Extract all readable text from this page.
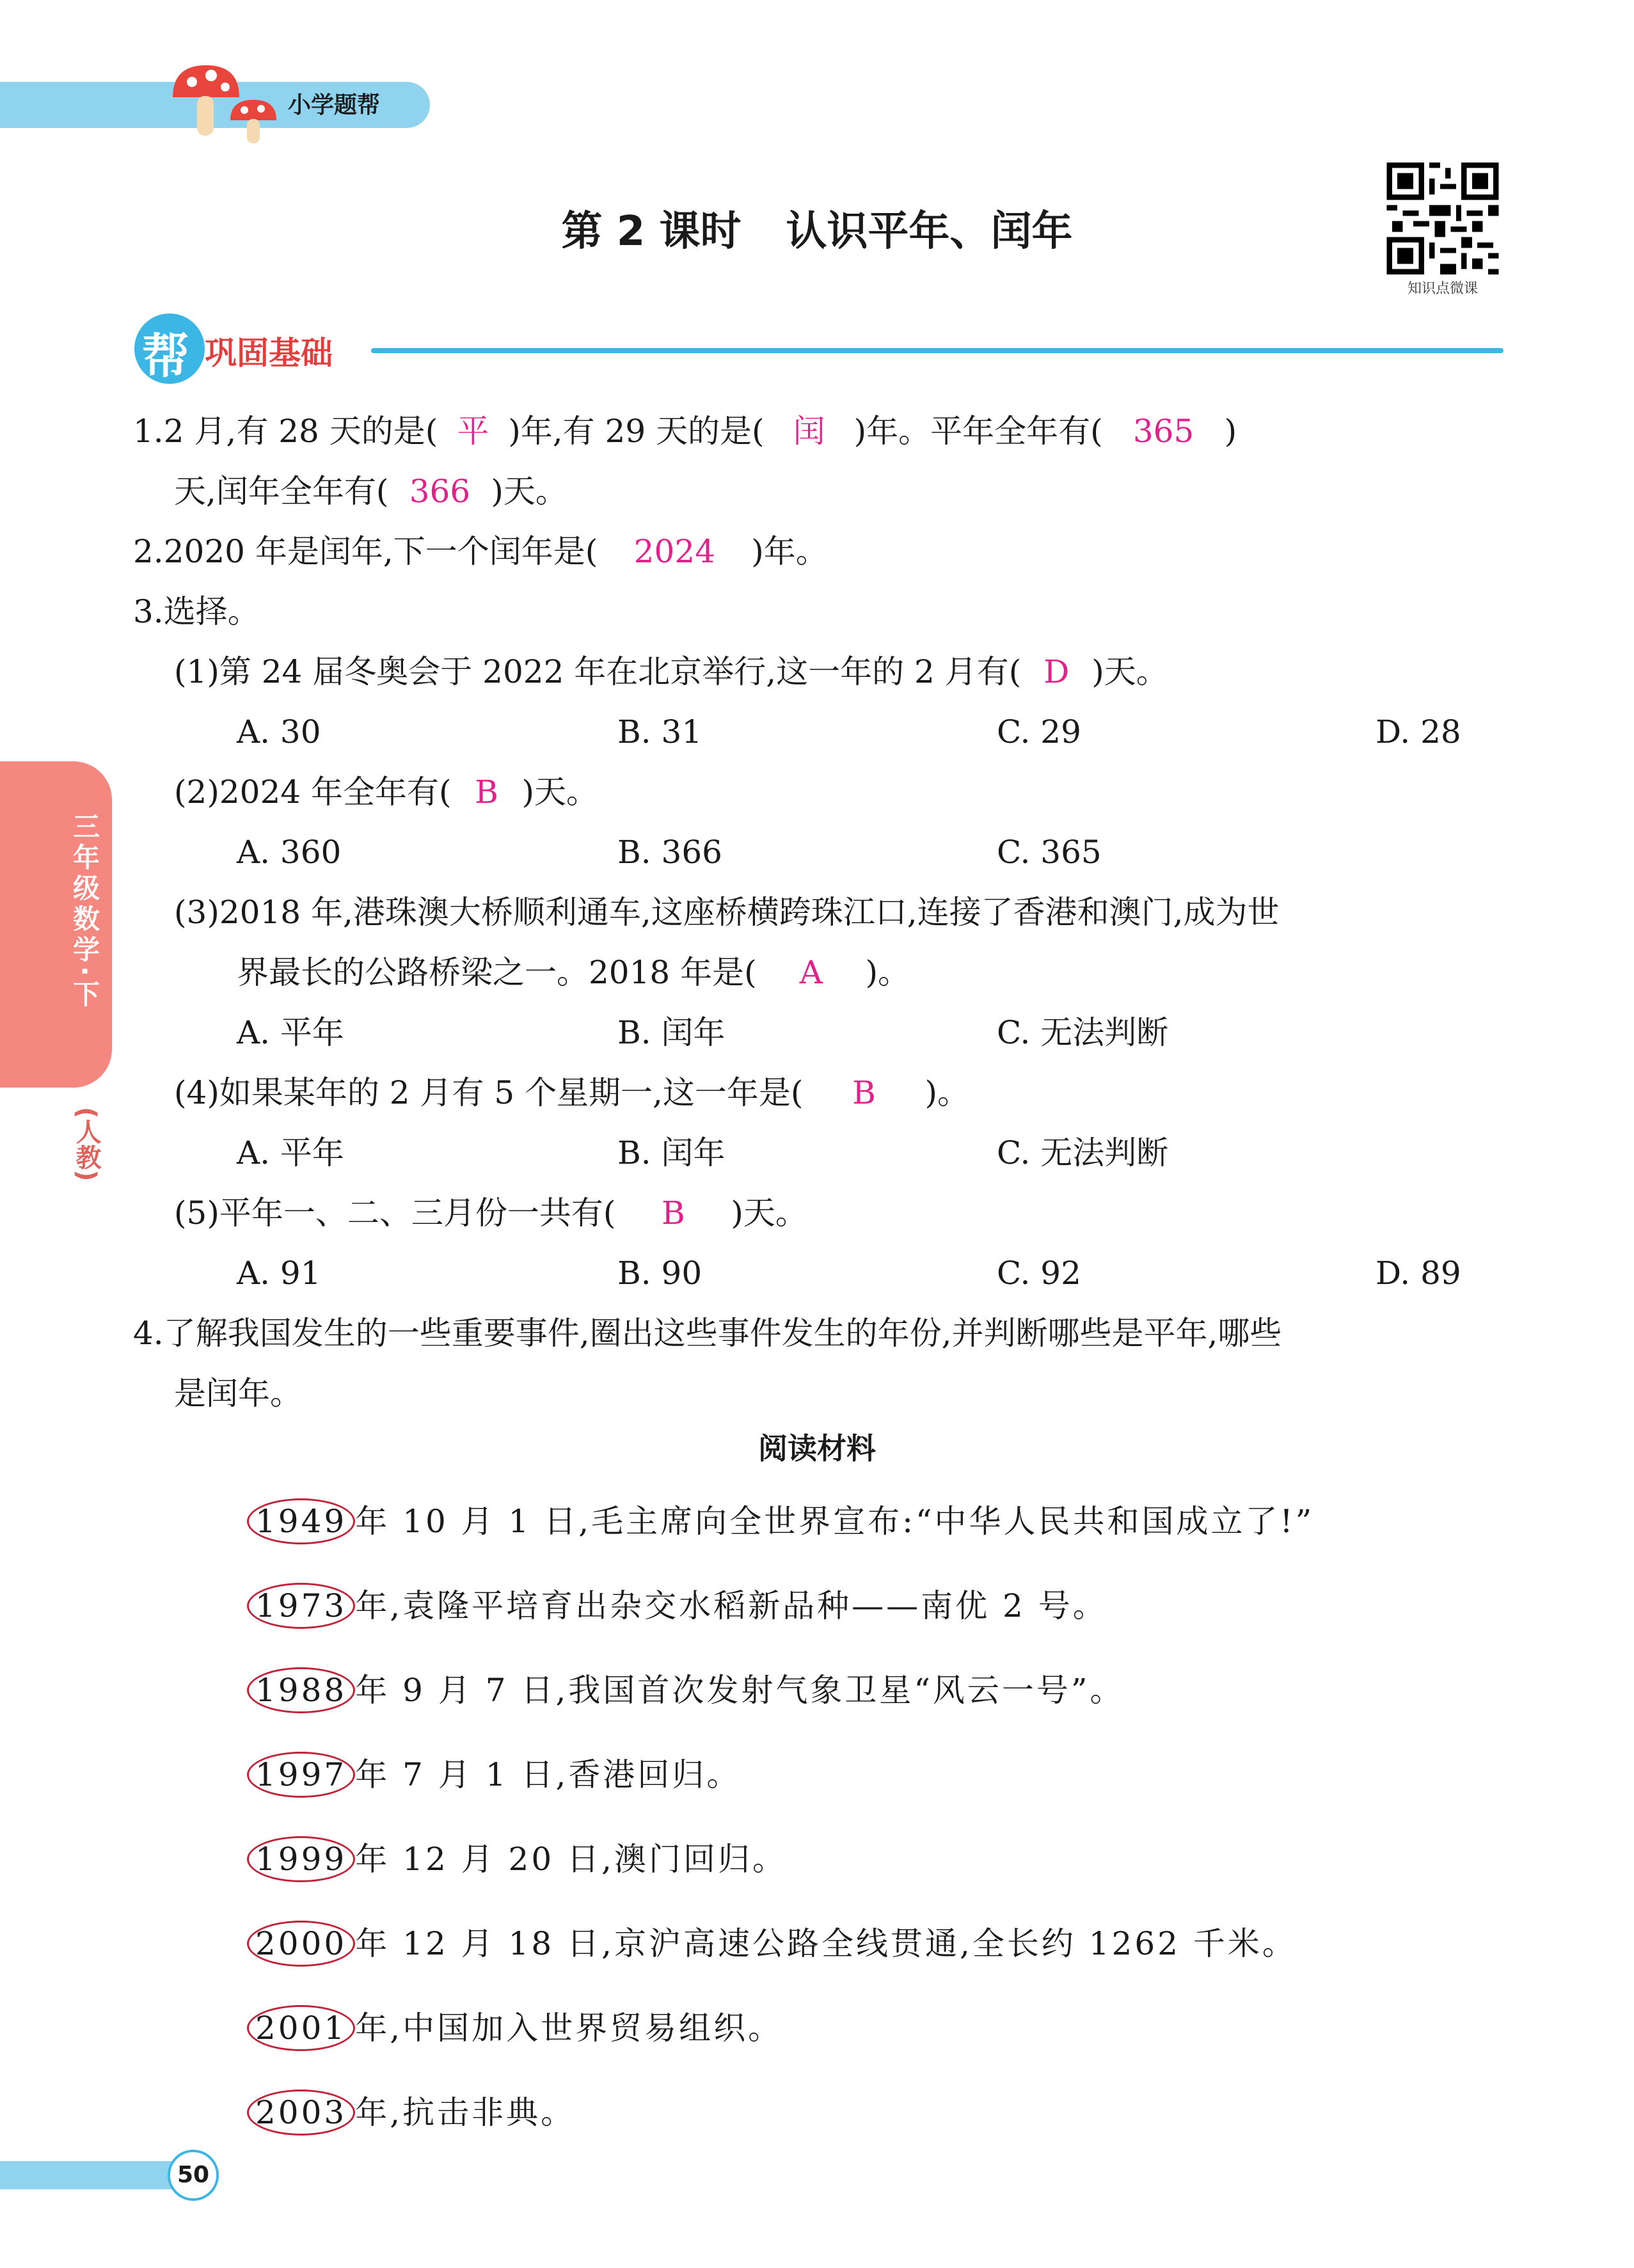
小学题帮
第 2 课时 认识平年、闰年
知识点微课
帮 巩固基础
三年级数学·下
(人教)
1.2 月,有 28 天的是( 平 )年,有 29 天的是( 闰 )年。平年全年有( 365 )
天,闰年全年有( 366 )天。
2.2020 年是闰年,下一个闰年是( 2024 )年。
3.选择。
(1)第 24 届冬奥会于 2022 年在北京举行,这一年的 2 月有( D )天。
A. 30	B. 31	C. 29	D. 28
(2)2024 年全年有( B )天。
A. 360	B. 366	C. 365
(3)2018 年,港珠澳大桥顺利通车,这座桥横跨珠江口,连接了香港和澳门,成为世
界最长的公路桥梁之一。2018 年是( A )。
A. 平年	B. 闰年	C. 无法判断
(4)如果某年的 2 月有 5 个星期一,这一年是( B )。
A. 平年	B. 闰年	C. 无法判断
(5)平年一、二、三月份一共有( B )天。
A. 91	B. 90	C. 92	D. 89
4.了解我国发生的一些重要事件,圈出这些事件发生的年份,并判断哪些是平年,哪些
是闰年。
阅读材料
1949 年 10 月 1 日,毛主席向全世界宣布:“中华人民共和国成立了!”
1973 年,袁隆平培育出杂交水稻新品种——南优 2 号。
1988 年 9 月 7 日,我国首次发射气象卫星“风云一号”。
1997 年 7 月 1 日,香港回归。
1999 年 12 月 20 日,澳门回归。
2000 年 12 月 18 日,京沪高速公路全线贯通,全长约 1262 千米。
2001 年,中国加入世界贸易组织。
2003 年,抗击非典。
50
